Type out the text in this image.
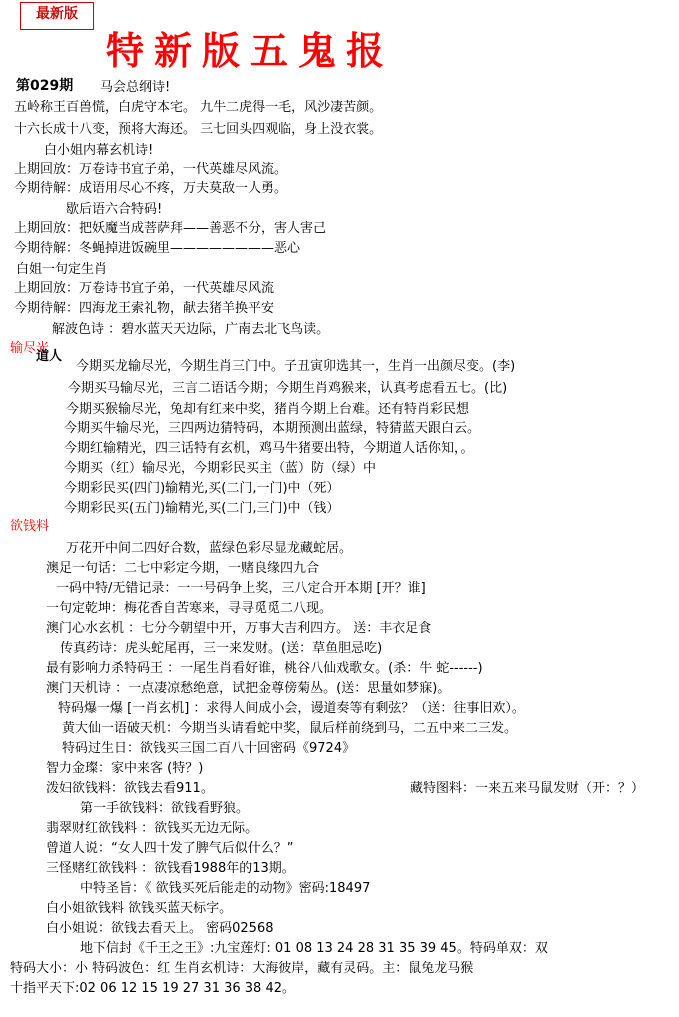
最新版
特新版五鬼报
第029期 马会总纲诗!
五岭称王百兽慌，白虎守本宅。 九牛二虎得一毛，风沙凄苦颜。
十六长成十八变，预将大海还。 三七回头四观临，身上没衣裳。
白小姐内幕玄机诗!
上期回放：万卷诗书宜子弟，一代英雄尽风流。
今期待解：成语用尽心不疼，万夫莫敌一人勇。
歇后语六合特码!
上期回放：把妖魔当成菩萨拜——善恶不分，害人害己
今期待解：冬蝇掉进饭碗里————————恶心
白姐一句定生肖
上期回放：万卷诗书宜子弟，一代英雄尽风流
今期待解：四海龙王索礼物，献去猪羊换平安
解波色诗 ：碧水蓝天天边际，广南去北飞鸟读。
输尽光
道人
今期买龙输尽光，今期生肖三门中。子丑寅卯选其一，生肖一出颜尽变。(李)
今期买马输尽光，三言二语话今期；今期生肖鸡猴来，认真考虑看五七。(比)
今期买猴输尽光，兔却有红来中奖，猪肖今期上台难。还有特肖彩民想
今期买牛输尽光，三四两边猜特码，本期预测出蓝绿，特猜蓝天跟白云。
今期红输精光，四三话特有玄机，鸡马牛猪要出特，今期道人话你知，。
今期买（红）输尽光，今期彩民买主（蓝）防（绿）中
今期彩民买(四门)输精光,买(二门,一门)中（死）
今期彩民买(五门)输精光,买(二门,三门)中（钱）
欲钱料
万花开中间二四好合数，蓝绿色彩尽显龙藏蛇居。
澳足一句话：二七中彩定今期，一赌良缘四九合
一码中特/无错记录：一一号码争上奖，三八定合开本期 [开？谁]
一句定乾坤：梅花香自苦寒来，寻寻觅觅二八现。
澳门心水玄机 ：七分今朝望中开，万事大吉利四方。 送：丰衣足食
传真药诗：虎头蛇尾再，三一来发财。(送：草鱼胆忌吃)
最有影响力杀特码王 ：一尾生肖看好谁，桃谷八仙戏歌女。(杀：牛 蛇------)
澳门天机诗 ：一点凄凉愁绝意，试把金尊傍菊丛。(送：思量如梦寐)。
特码爆一爆 [一肖玄机] ：求得人间成小会，谩道奏等有剩弦？（送：往事旧欢）。
黄大仙一语破天机：今期当头请看蛇中奖，鼠后样前绕到马，二五中来二三发。
特码过生日：欲钱买三国二百八十回密码《9724》
智力金璨：家中来客 (特？)
泼妇欲钱料：欲钱去看911。	藏特图料：一来五来马鼠发财（开：？）
第一手欲钱料：欲钱看野狼。
翡翠财红欲钱料 ：欲钱买无边无际。
曾道人说：“女人四十发了脾气后似什么？”
三怪赌红欲钱料 ：欲钱看1988年的13期。
中特圣旨：《 欲钱买死后能走的动物》密码:18497
白小姐欲钱料 欲钱买蓝天标字。
白小姐说：欲钱去看天上。 密码02568
地下信封《千王之王》:九宝莲灯: 01 08 13 24 28 31 35 39 45。特码单双：双
特码大小：小 特码波色：红 生肖玄机诗：大海彼岸，藏有灵码。主：鼠兔龙马猴
十指平天下:02 06 12 15 19 27 31 36 38 42。
